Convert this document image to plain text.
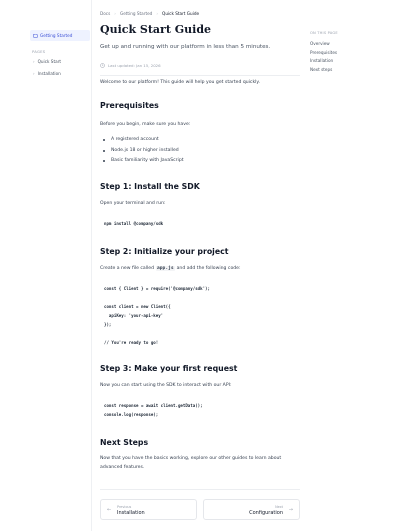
Getting Started
PAGES
› Quick Start
› Installation
Docs › Getting Started › Quick Start Guide
Quick Start Guide
Get up and running with our platform in less than 5 minutes.
Last updated: Jan 15, 2026
Welcome to our platform! This guide will help you get started quickly.
Prerequisites
Before you begin, make sure you have:
A registered account
Node.js 18 or higher installed
Basic familiarity with JavaScript
Step 1: Install the SDK
Open your terminal and run:
npm install @company/sdk
Step 2: Initialize your project
Create a new file called app.js and add the following code:
const { Client } = require('@company/sdk');

const client = new Client({
apiKey: 'your-api-key'
});

// You're ready to go!
Step 3: Make your first request
Now you can start using the SDK to interact with our API:
const response = await client.getData();
console.log(response);
Next Steps
Now that you have the basics working, explore our other guides to learn about advanced features.
← Previous
Installation
Next
Configuration →
ON THIS PAGE
Overview
Prerequisites
Installation
Next steps
